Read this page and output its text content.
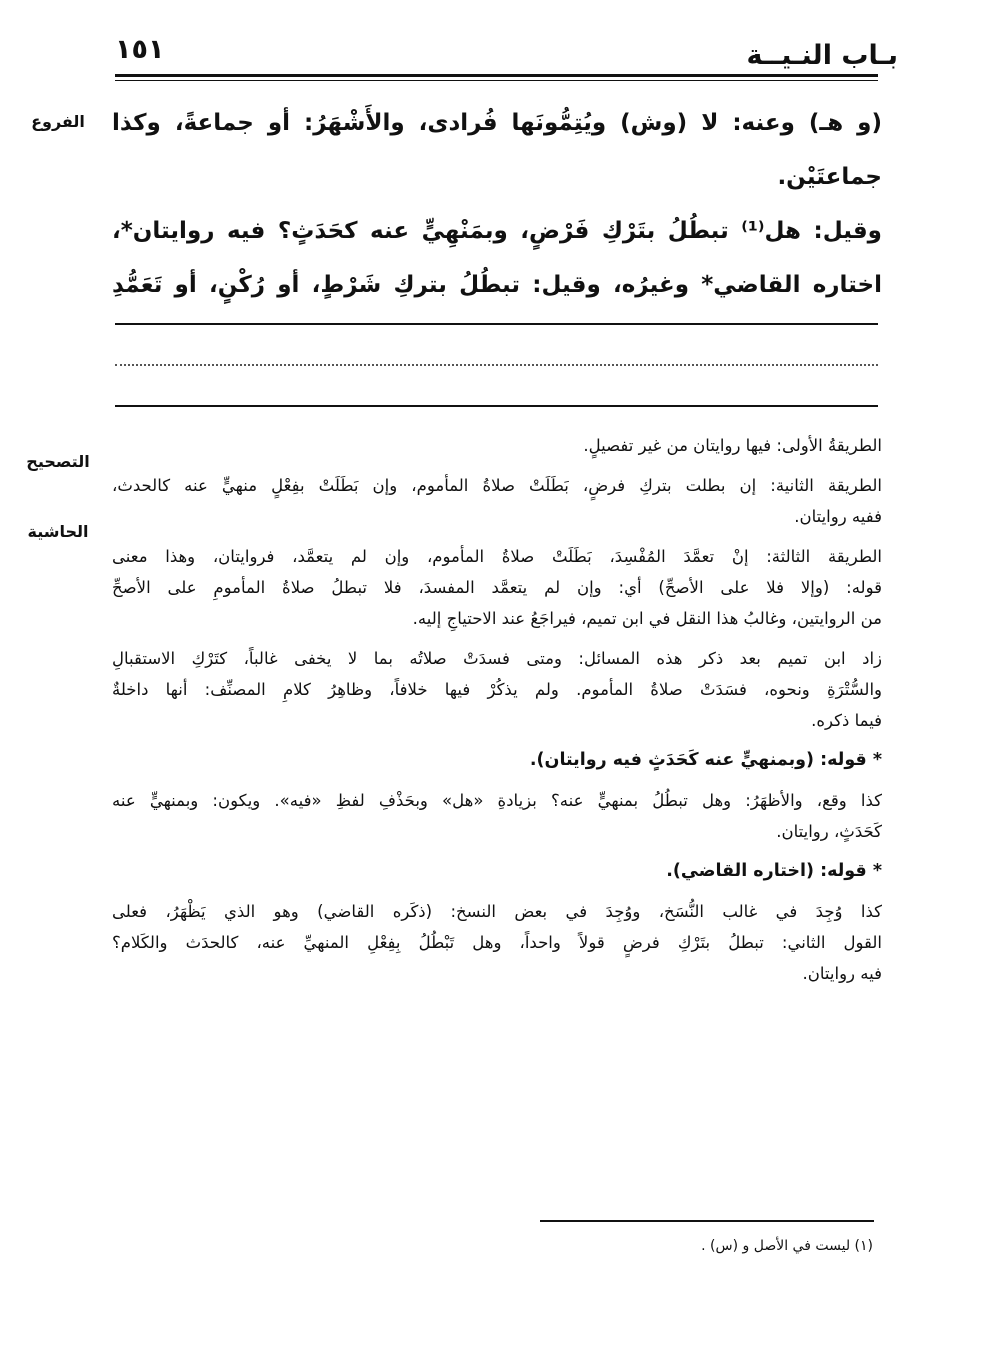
بـاب النـيــة
١٥١
الفروع
التصحيح
الحاشية
(و هـ) وعنه: لا (وش) ويُتِمُّونَها فُرادى، والأَشْهَرُ: أو جماعةً، وكذا
جماعتَيْن.
وقيل: هل⁽¹⁾ تبطُلُ بتَرْكِ فَرْضٍ، وبمَنْهِيٍّ عنه كحَدَثٍ؟ فيه روايتان*،
اختاره القاضي* وغيرُه، وقيل: تبطُلُ بتركِ شَرْطٍ، أو رُكْنٍ، أو تَعَمُّدِ
الطريقةُ الأولى: فيها روايتان من غير تفصيلٍ.
الطريقة الثانية: إن بطلت بتركِ فرضٍ، بَطَلَتْ صلاةُ المأموم، وإن بَطَلَتْ بفِعْلٍ منهيٍّ عنه كالحدث،
ففيه روايتان.
الطريقة الثالثة: إنْ تعمَّدَ المُفْسِدَ، بَطَلَتْ صلاةُ المأموم، وإن لم يتعمَّد، فروايتان، وهذا معنى
قوله: (وإلا فلا على الأصحِّ) أي: وإن لم يتعمَّد المفسدَ، فلا تبطلُ صلاةُ المأمومِ على الأصحِّ
من الروايتين، وغالبُ هذا النقل في ابن تميم، فيراجَعُ عند الاحتياجِ إليه.
زاد ابن تميم بعد ذكر هذه المسائل: ومتى فسدَتْ صلاتُه بما لا يخفى غالباً، كتَرْكِ الاستقبالِ
والسُّتْرَةِ ونحوه، فسَدَتْ صلاةُ المأموم. ولم يذكُرْ فيها خلافاً، وظاهِرُ كلامِ المصنِّف: أنها داخلةٌ
فيما ذكره.
* قوله: (وبمنهيٍّ عنه كَحَدَثٍ فيه روايتان).
كذا وقع، والأظهَرُ: وهل تبطُلُ بمنهيٍّ عنه؟ بزيادةِ «هل» وبحَذْفِ لفظِ «فيه». ويكون: وبمنهيٍّ عنه
كَحَدَثٍ، روايتان.
* قوله: (اختاره القاضي).
كذا وُجِدَ في غالب النُّسَخ، ووُجِدَ في بعض النسخ: (ذكَره القاضي) وهو الذي يَظْهَرُ، فعلى
القول الثاني: تبطلُ بتَرْكِ فرضٍ قولاً واحداً، وهل تَبْطُلُ بِفِعْلِ المنهيِّ عنه، كالحدَث والكَلام؟
فيه روايتان.
(١) ليست في الأصل و (س) .
